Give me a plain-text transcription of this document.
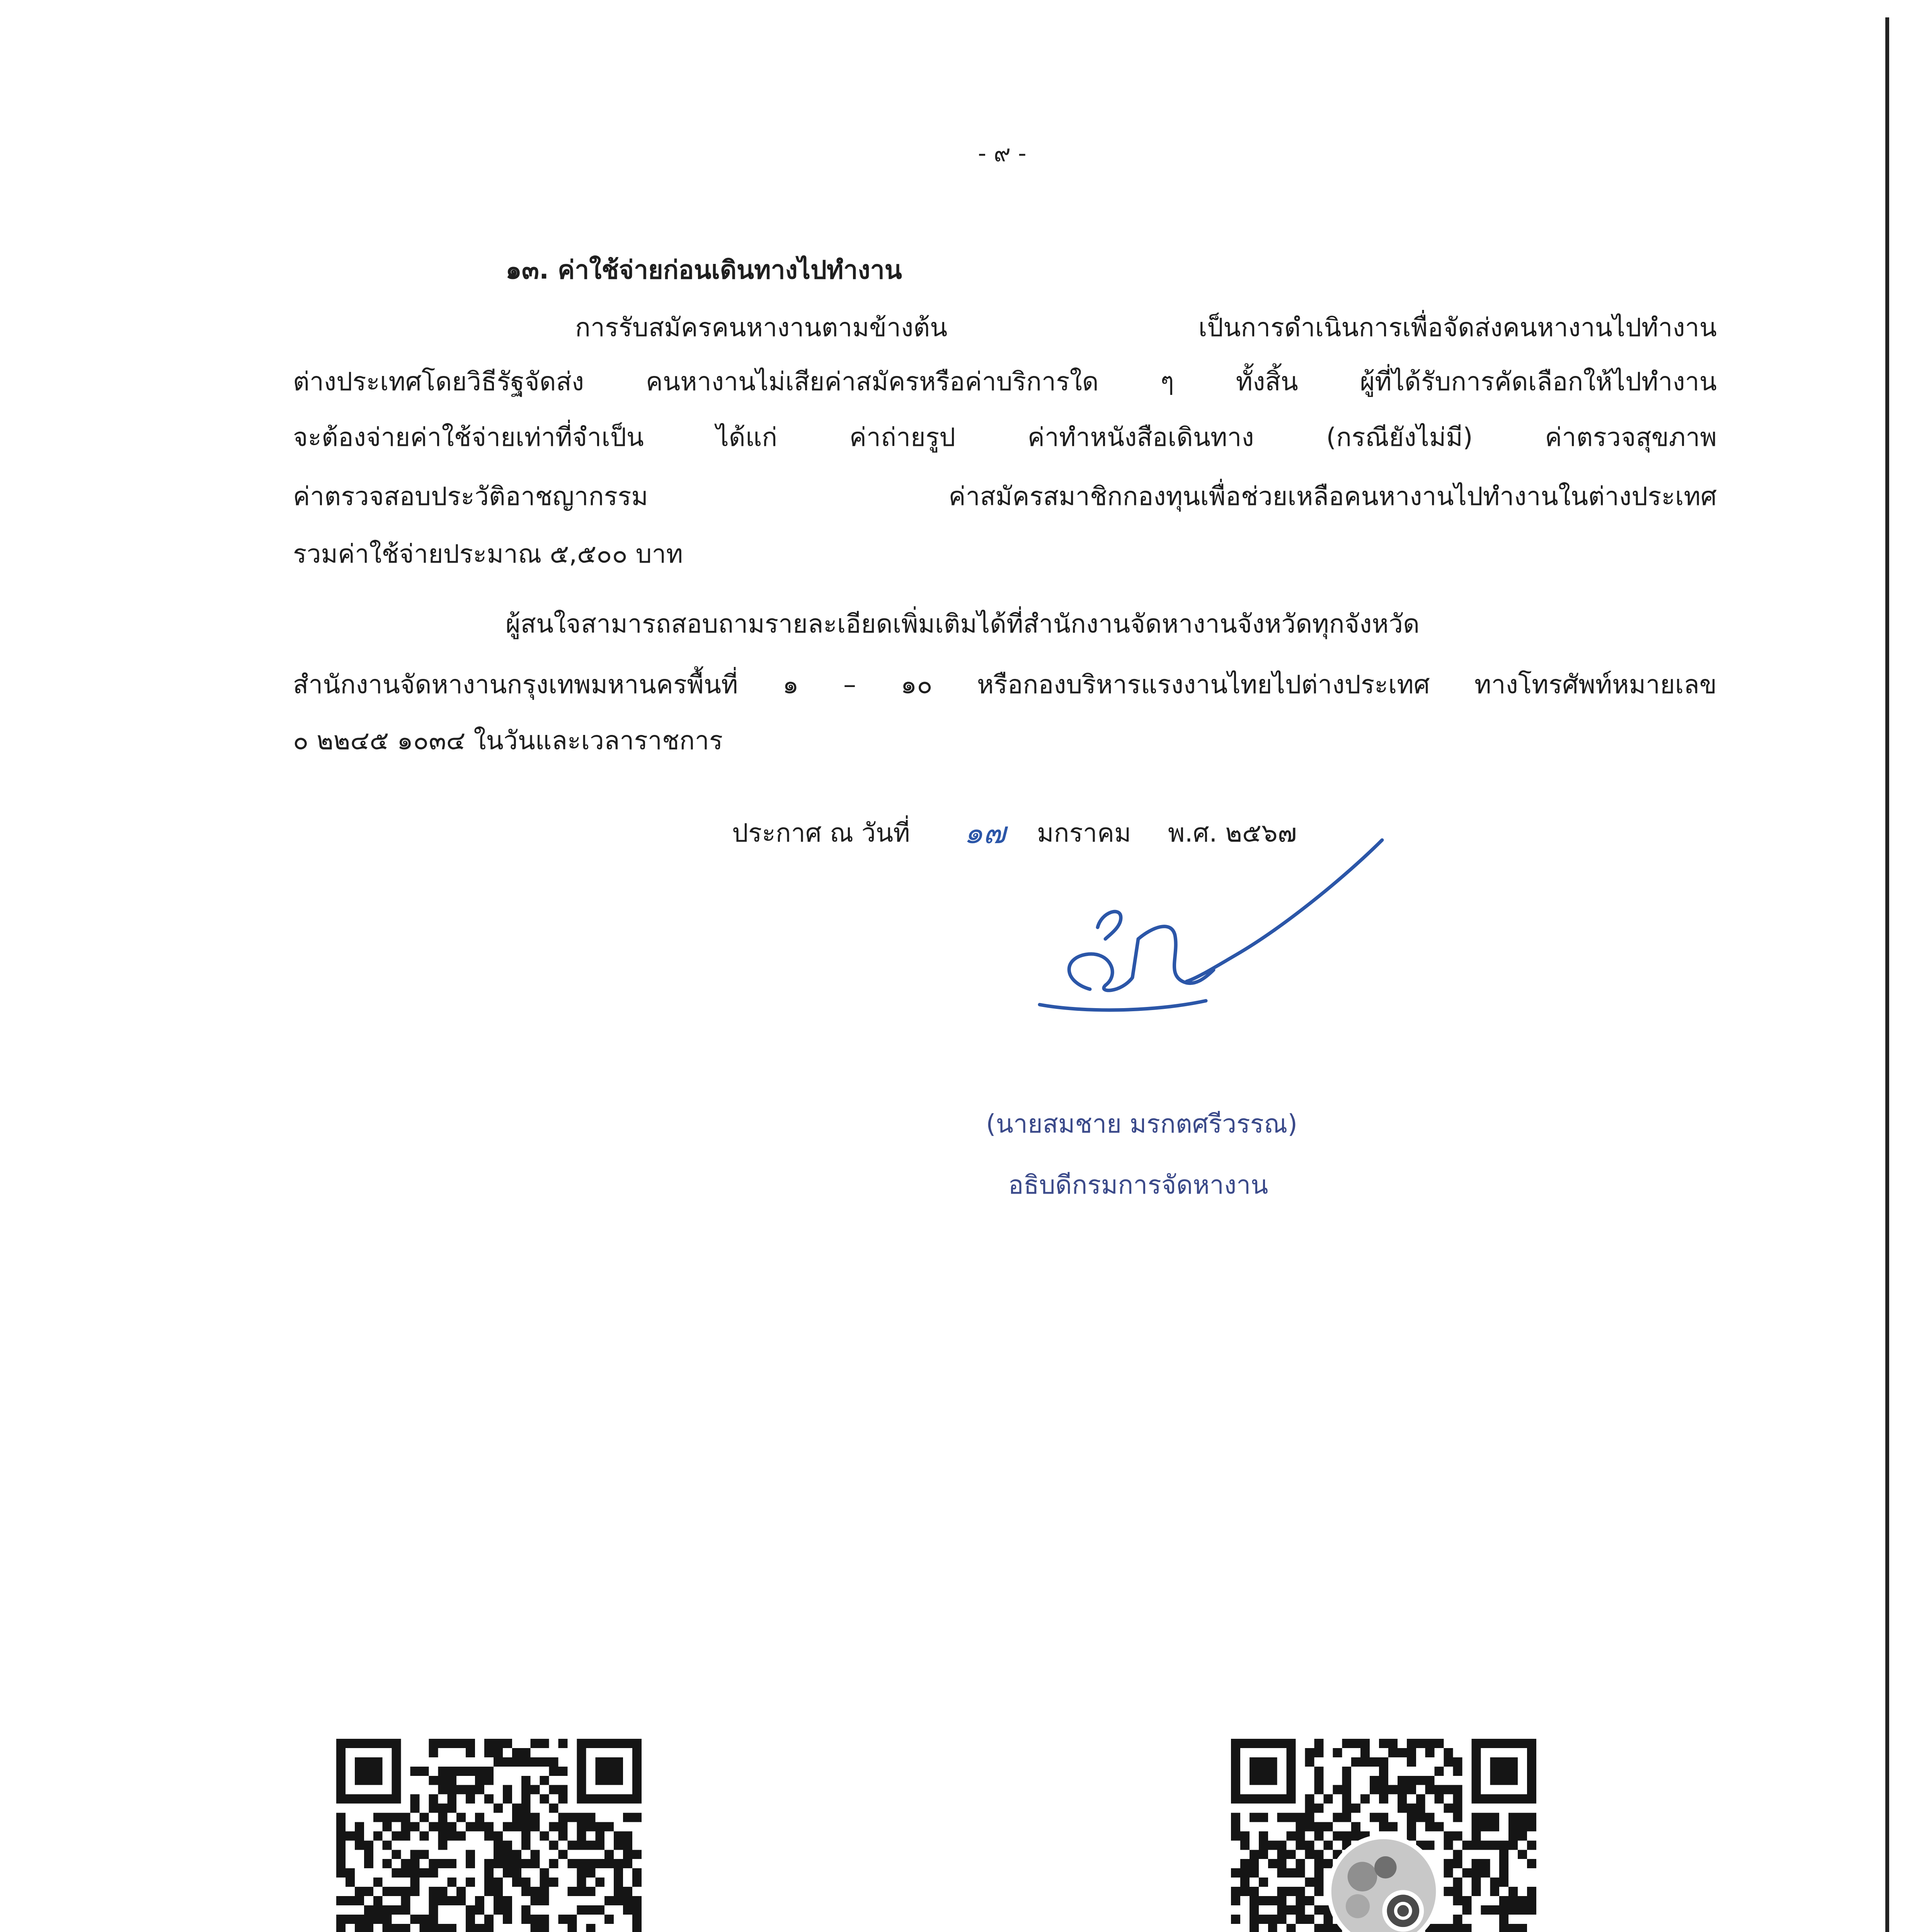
- ๙ -
๑๓. ค่าใช้จ่ายก่อนเดินทางไปทำงาน
การรับสมัครคนหางานตามข้างต้น เป็นการดำเนินการเพื่อจัดส่งคนหางานไปทำงาน
ต่างประเทศโดยวิธีรัฐจัดส่ง คนหางานไม่เสียค่าสมัครหรือค่าบริการใด ๆ ทั้งสิ้น ผู้ที่ได้รับการคัดเลือกให้ไปทำงาน
จะต้องจ่ายค่าใช้จ่ายเท่าที่จำเป็น ได้แก่ ค่าถ่ายรูป ค่าทำหนังสือเดินทาง (กรณียังไม่มี) ค่าตรวจสุขภาพ
ค่าตรวจสอบประวัติอาชญากรรม ค่าสมัครสมาชิกกองทุนเพื่อช่วยเหลือคนหางานไปทำงานในต่างประเทศ
รวมค่าใช้จ่ายประมาณ ๕,๕๐๐ บาท
ผู้สนใจสามารถสอบถามรายละเอียดเพิ่มเติมได้ที่สำนักงานจัดหางานจังหวัดทุกจังหวัด
สำนักงานจัดหางานกรุงเทพมหานครพื้นที่ ๑ – ๑๐ หรือกองบริหารแรงงานไทยไปต่างประเทศ ทางโทรศัพท์หมายเลข
๐ ๒๒๔๕ ๑๐๓๔ ในวันและเวลาราชการ
ประกาศ ณ วันที่ ๑๗ มกราคม พ.ศ. ๒๕๖๗
(นายสมชาย มรกตศรีวรรณ)
อธิบดีกรมการจัดหางาน
